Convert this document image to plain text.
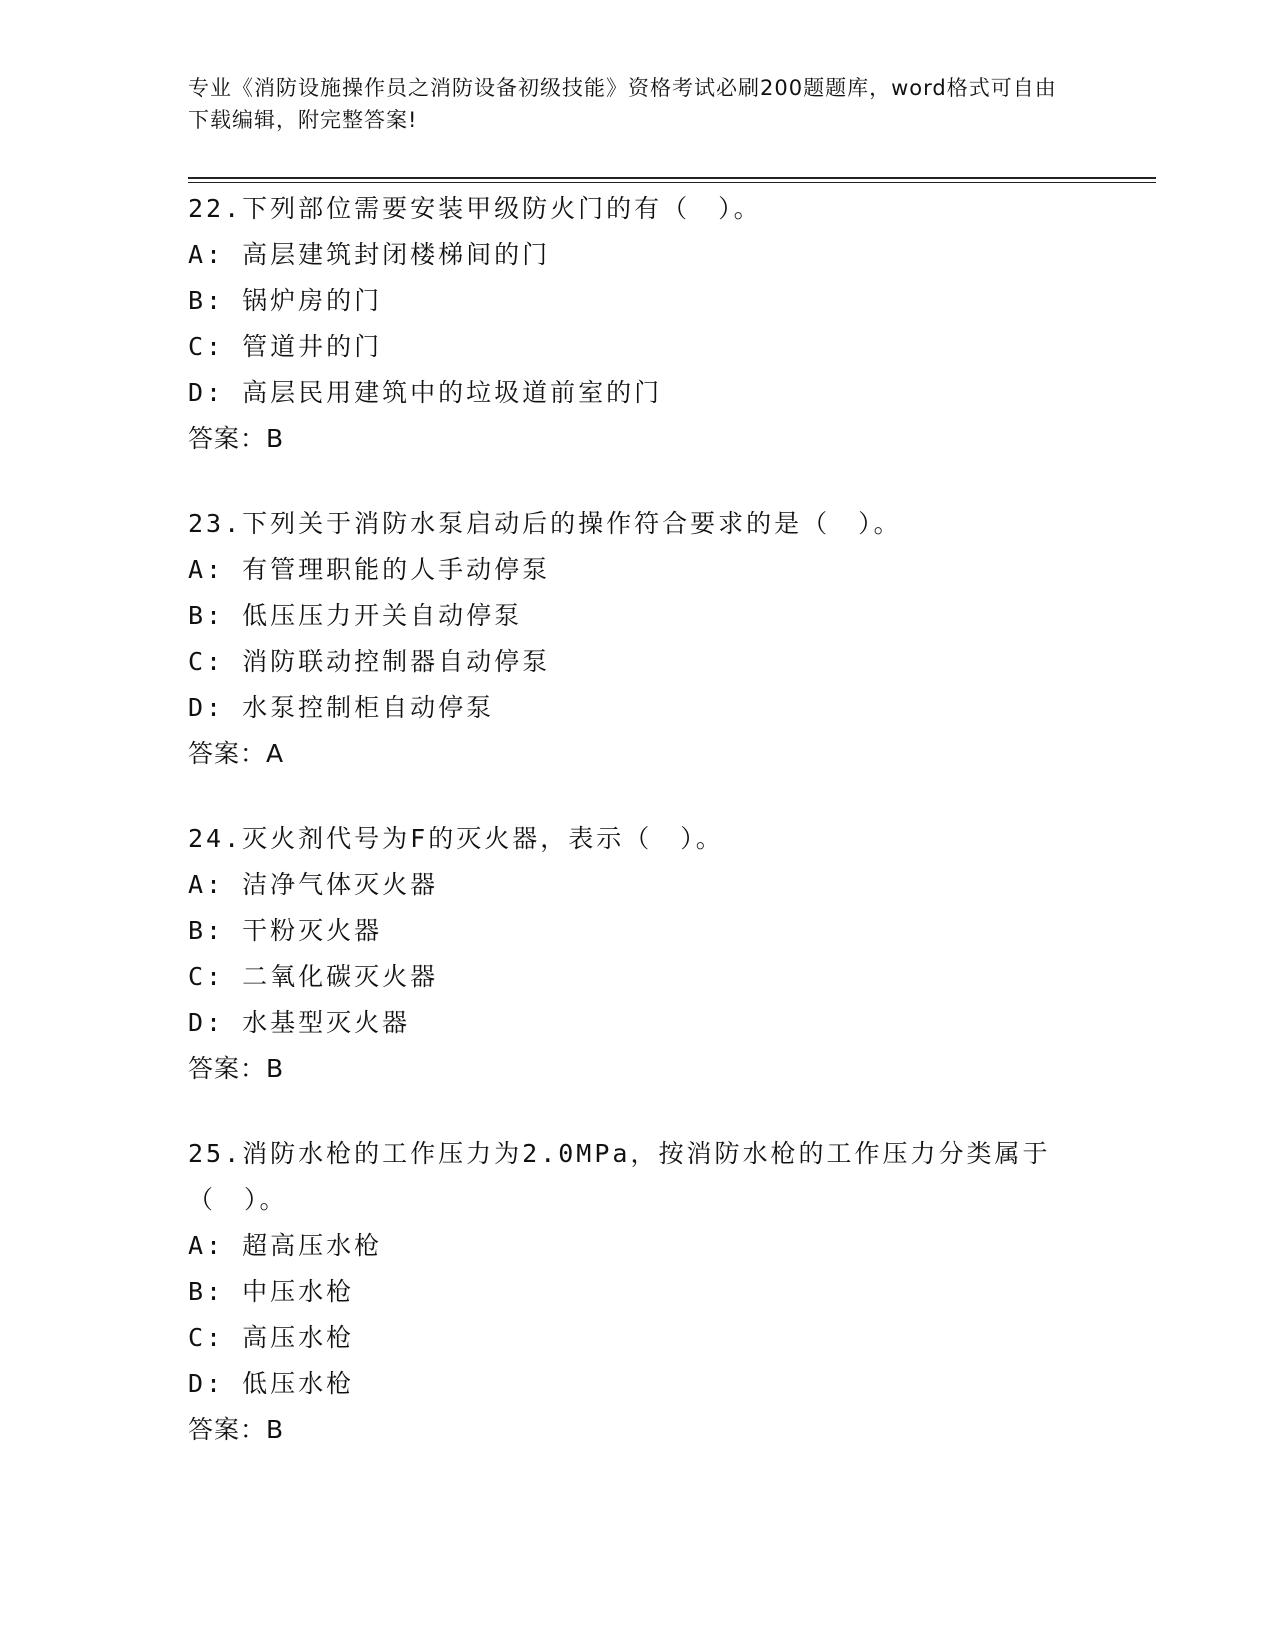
专业《消防设施操作员之消防设备初级技能》资格考试必刷200题题库，word格式可自由下载编辑，附完整答案!
22.下列部位需要安装甲级防火门的有（　）。
A: 高层建筑封闭楼梯间的门
B: 锅炉房的门
C: 管道井的门
D: 高层民用建筑中的垃圾道前室的门
答案：B
23.下列关于消防水泵启动后的操作符合要求的是（　）。
A: 有管理职能的人手动停泵
B: 低压压力开关自动停泵
C: 消防联动控制器自动停泵
D: 水泵控制柜自动停泵
答案：A
24.灭火剂代号为F的灭火器，表示（　）。
A: 洁净气体灭火器
B: 干粉灭火器
C: 二氧化碳灭火器
D: 水基型灭火器
答案：B
25.消防水枪的工作压力为2.0MPa，按消防水枪的工作压力分类属于（　）。
A: 超高压水枪
B: 中压水枪
C: 高压水枪
D: 低压水枪
答案：B
